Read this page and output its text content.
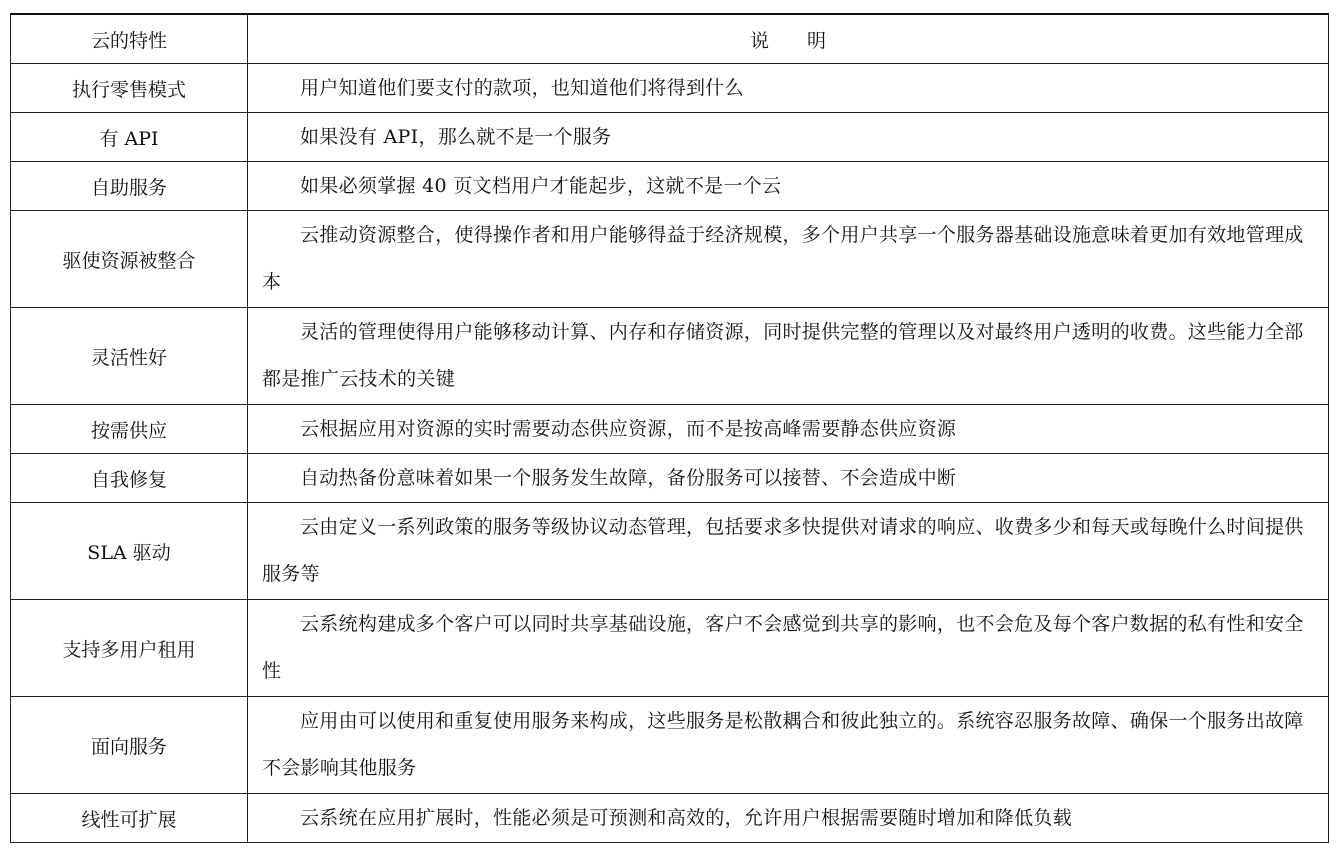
云的特性	说明
执行零售模式	用户知道他们要支付的款项，也知道他们将得到什么
有 API	如果没有 API，那么就不是一个服务
自助服务	如果必须掌握 40 页文档用户才能起步，这就不是一个云
驱使资源被整合	云推动资源整合，使得操作者和用户能够得益于经济规模，多个用户共享一个服务器基础设施意味着更加有效地管理成本
灵活性好	灵活的管理使得用户能够移动计算、内存和存储资源，同时提供完整的管理以及对最终用户透明的收费。这些能力全部都是推广云技术的关键
按需供应	云根据应用对资源的实时需要动态供应资源，而不是按高峰需要静态供应资源
自我修复	自动热备份意味着如果一个服务发生故障，备份服务可以接替、不会造成中断
SLA 驱动	云由定义一系列政策的服务等级协议动态管理，包括要求多快提供对请求的响应、收费多少和每天或每晚什么时间提供服务等
支持多用户租用	云系统构建成多个客户可以同时共享基础设施，客户不会感觉到共享的影响，也不会危及每个客户数据的私有性和安全性
面向服务	应用由可以使用和重复使用服务来构成，这些服务是松散耦合和彼此独立的。系统容忍服务故障、确保一个服务出故障不会影响其他服务
线性可扩展	云系统在应用扩展时，性能必须是可预测和高效的，允许用户根据需要随时增加和降低负载
